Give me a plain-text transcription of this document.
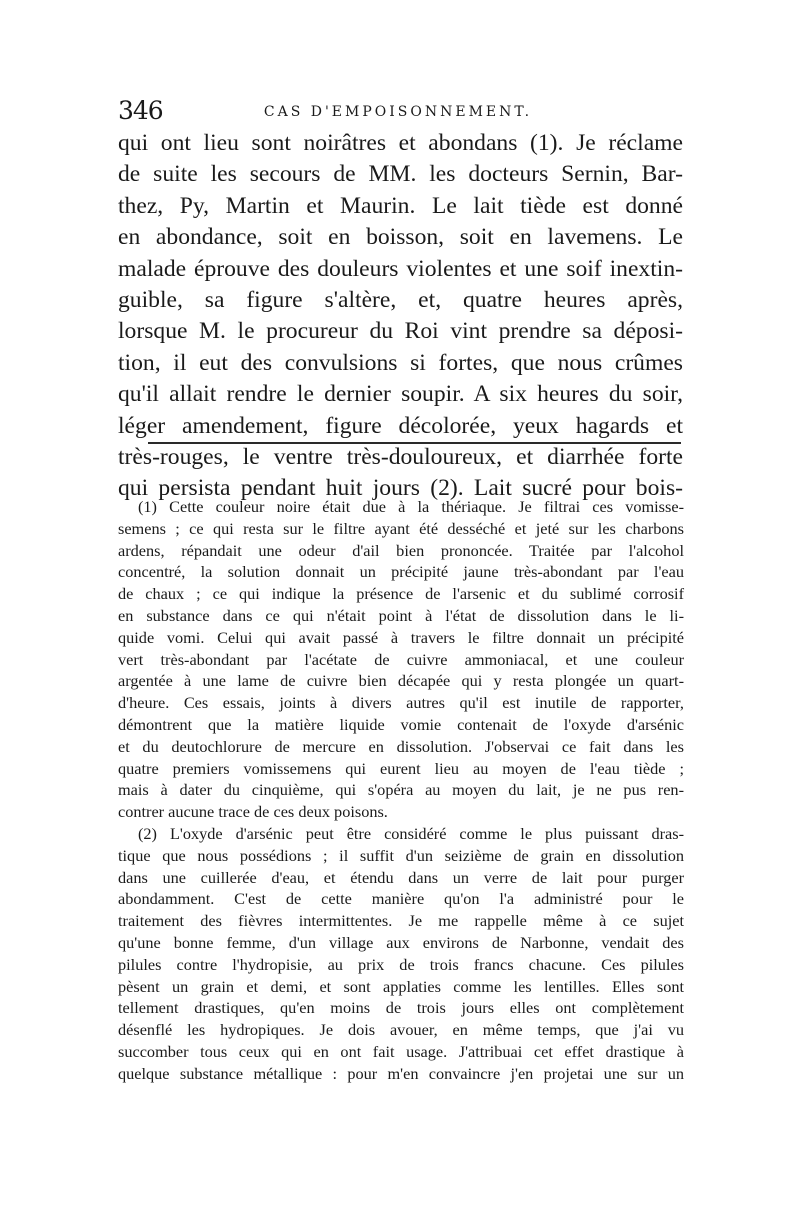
346	CAS D'EMPOISONNEMENT.
qui ont lieu sont noirâtres et abondans (1). Je réclame
de suite les secours de MM. les docteurs Sernin, Bar-
thez, Py, Martin et Maurin. Le lait tiède est donné
en abondance, soit en boisson, soit en lavemens. Le
malade éprouve des douleurs violentes et une soif inextin-
guible, sa figure s'altère, et, quatre heures après,
lorsque M. le procureur du Roi vint prendre sa déposi-
tion, il eut des convulsions si fortes, que nous crûmes
qu'il allait rendre le dernier soupir. A six heures du soir,
léger amendement, figure décolorée, yeux hagards et
très-rouges, le ventre très-douloureux, et diarrhée forte
qui persista pendant huit jours (2). Lait sucré pour bois-
(1) Cette couleur noire était due à la thériaque. Je filtrai ces vomisse-
semens ; ce qui resta sur le filtre ayant été desséché et jeté sur les charbons
ardens, répandait une odeur d'ail bien prononcée. Traitée par l'alcohol
concentré, la solution donnait un précipité jaune très-abondant par l'eau
de chaux ; ce qui indique la présence de l'arsenic et du sublimé corrosif
en substance dans ce qui n'était point à l'état de dissolution dans le li-
quide vomi. Celui qui avait passé à travers le filtre donnait un précipité
vert très-abondant par l'acétate de cuivre ammoniacal, et une couleur
argentée à une lame de cuivre bien décapée qui y resta plongée un quart-
d'heure. Ces essais, joints à divers autres qu'il est inutile de rapporter,
démontrent que la matière liquide vomie contenait de l'oxyde d'arsénic
et du deutochlorure de mercure en dissolution. J'observai ce fait dans les
quatre premiers vomissemens qui eurent lieu au moyen de l'eau tiède ;
mais à dater du cinquième, qui s'opéra au moyen du lait, je ne pus ren-
contrer aucune trace de ces deux poisons.
(2) L'oxyde d'arsénic peut être considéré comme le plus puissant dras-
tique que nous possédions ; il suffit d'un seizième de grain en dissolution
dans une cuillerée d'eau, et étendu dans un verre de lait pour purger
abondamment. C'est de cette manière qu'on l'a administré pour le
traitement des fièvres intermittentes. Je me rappelle même à ce sujet
qu'une bonne femme, d'un village aux environs de Narbonne, vendait des
pilules contre l'hydropisie, au prix de trois francs chacune. Ces pilules
pèsent un grain et demi, et sont applaties comme les lentilles. Elles sont
tellement drastiques, qu'en moins de trois jours elles ont complètement
désenflé les hydropiques. Je dois avouer, en même temps, que j'ai vu
succomber tous ceux qui en ont fait usage. J'attribuai cet effet drastique à
quelque substance métallique : pour m'en convaincre j'en projetai une sur un
